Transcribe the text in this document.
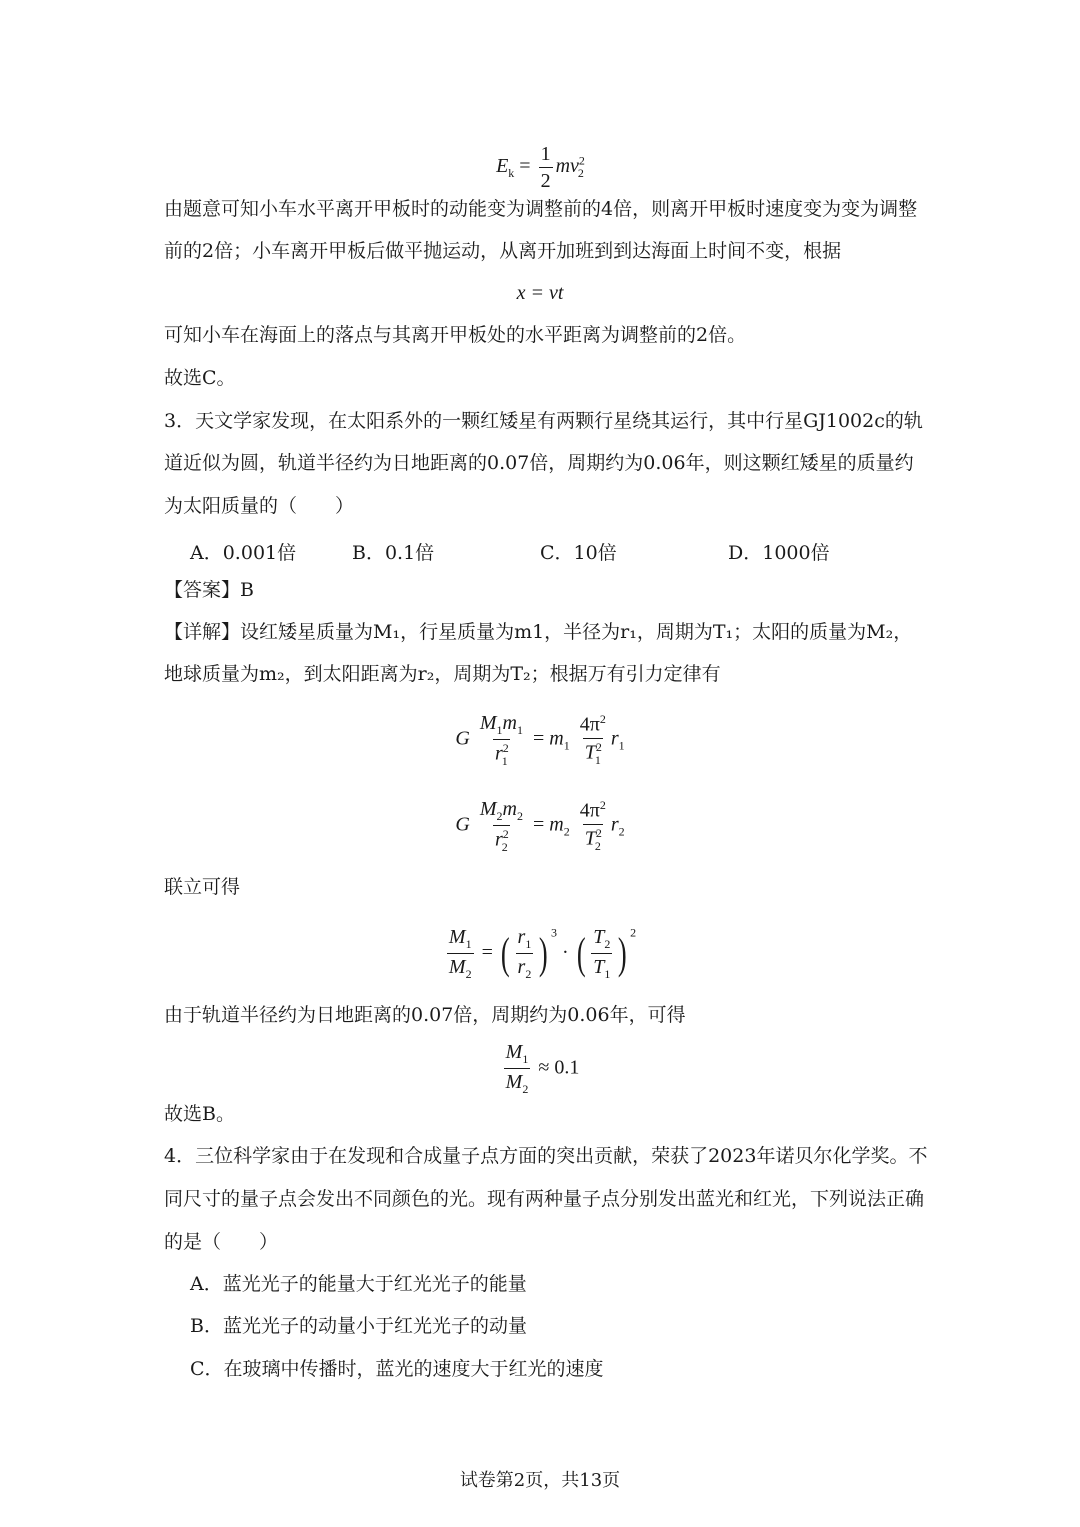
$E_k = \frac{1}{2} mv^2_2$
由题意可知小车水平离开甲板时的动能变为调整前的4倍，则离开甲板时速度变为变为调整
前的2倍；小车离开甲板后做平抛运动，从离开加班到到达海面上时间不变，根据
x = vt
可知小车在海面上的落点与其离开甲板处的水平距离为调整前的2倍。
故选C。
3．天文学家发现，在太阳系外的一颗红矮星有两颗行星绕其运行，其中行星GJ1002c的轨
道近似为圆，轨道半径约为日地距离的0.07倍，周期约为0.06年，则这颗红矮星的质量约
为太阳质量的（　　）
A．0.001倍	B．0.1倍	C．10倍	D．1000倍
【答案】B
【详解】设红矮星质量为M₁，行星质量为m1，半径为r₁，周期为T₁；太阳的质量为M₂，
地球质量为m₂，到太阳距离为r₂，周期为T₂；根据万有引力定律有
G $\frac{M_1m_1}{r^2_1} = m_1 \frac{4\pi^2}{T^2_1} r_1$
G $\frac{M_2m_2}{r^2_2} = m_2 \frac{4\pi^2}{T^2_2} r_2$
联立可得
$\frac{M_1}{M_2}$ = ( $\frac{r_1}{r_2}$ ) $^3$ · ( $\frac{T_2}{T_1}$ ) $^2$
由于轨道半径约为日地距离的0.07倍，周期约为0.06年，可得
$\frac{M_1}{M_2} \approx 0.1$
故选B。
4．三位科学家由于在发现和合成量子点方面的突出贡献，荣获了2023年诺贝尔化学奖。不
同尺寸的量子点会发出不同颜色的光。现有两种量子点分别发出蓝光和红光，下列说法正确
的是（　　）
A．蓝光光子的能量大于红光光子的能量
B．蓝光光子的动量小于红光光子的动量
C．在玻璃中传播时，蓝光的速度大于红光的速度
试卷第2页，共13页
